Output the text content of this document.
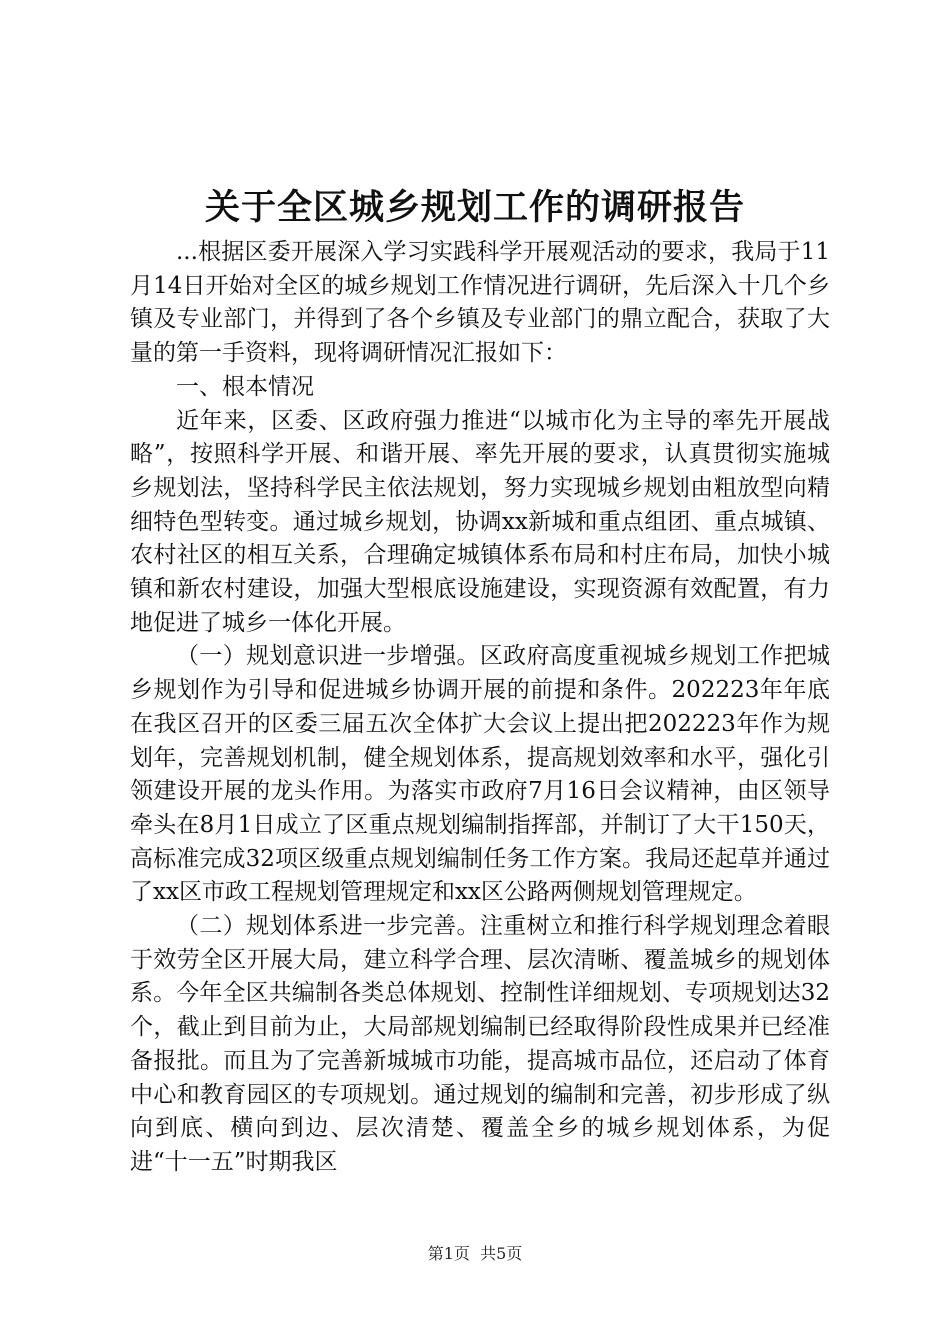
关于全区城乡规划工作的调研报告

...根据区委开展深入学习实践科学开展观活动的要求，我局于11月14日开始对全区的城乡规划工作情况进行调研，先后深入十几个乡镇及专业部门，并得到了各个乡镇及专业部门的鼎立配合，获取了大量的第一手资料，现将调研情况汇报如下：

一、根本情况

近年来，区委、区政府强力推进“以城市化为主导的率先开展战略”，按照科学开展、和谐开展、率先开展的要求，认真贯彻实施城乡规划法，坚持科学民主依法规划，努力实现城乡规划由粗放型向精细特色型转变。通过城乡规划，协调xx新城和重点组团、重点城镇、农村社区的相互关系，合理确定城镇体系布局和村庄布局，加快小城镇和新农村建设，加强大型根底设施建设，实现资源有效配置，有力地促进了城乡一体化开展。

（一）规划意识进一步增强。区政府高度重视城乡规划工作把城乡规划作为引导和促进城乡协调开展的前提和条件。202223年年底在我区召开的区委三届五次全体扩大会议上提出把202223年作为规划年，完善规划机制，健全规划体系，提高规划效率和水平，强化引领建设开展的龙头作用。为落实市政府7月16日会议精神，由区领导牵头在8月1日成立了区重点规划编制指挥部，并制订了大干150天，高标准完成32项区级重点规划编制任务工作方案。我局还起草并通过了xx区市政工程规划管理规定和xx区公路两侧规划管理规定。

（二）规划体系进一步完善。注重树立和推行科学规划理念着眼于效劳全区开展大局，建立科学合理、层次清晰、覆盖城乡的规划体系。今年全区共编制各类总体规划、控制性详细规划、专项规划达32个，截止到目前为止，大局部规划编制已经取得阶段性成果并已经准备报批。而且为了完善新城城市功能，提高城市品位，还启动了体育中心和教育园区的专项规划。通过规划的编制和完善，初步形成了纵向到底、横向到边、层次清楚、覆盖全乡的城乡规划体系，为促进“十一五”时期我区

第1页 共5页
